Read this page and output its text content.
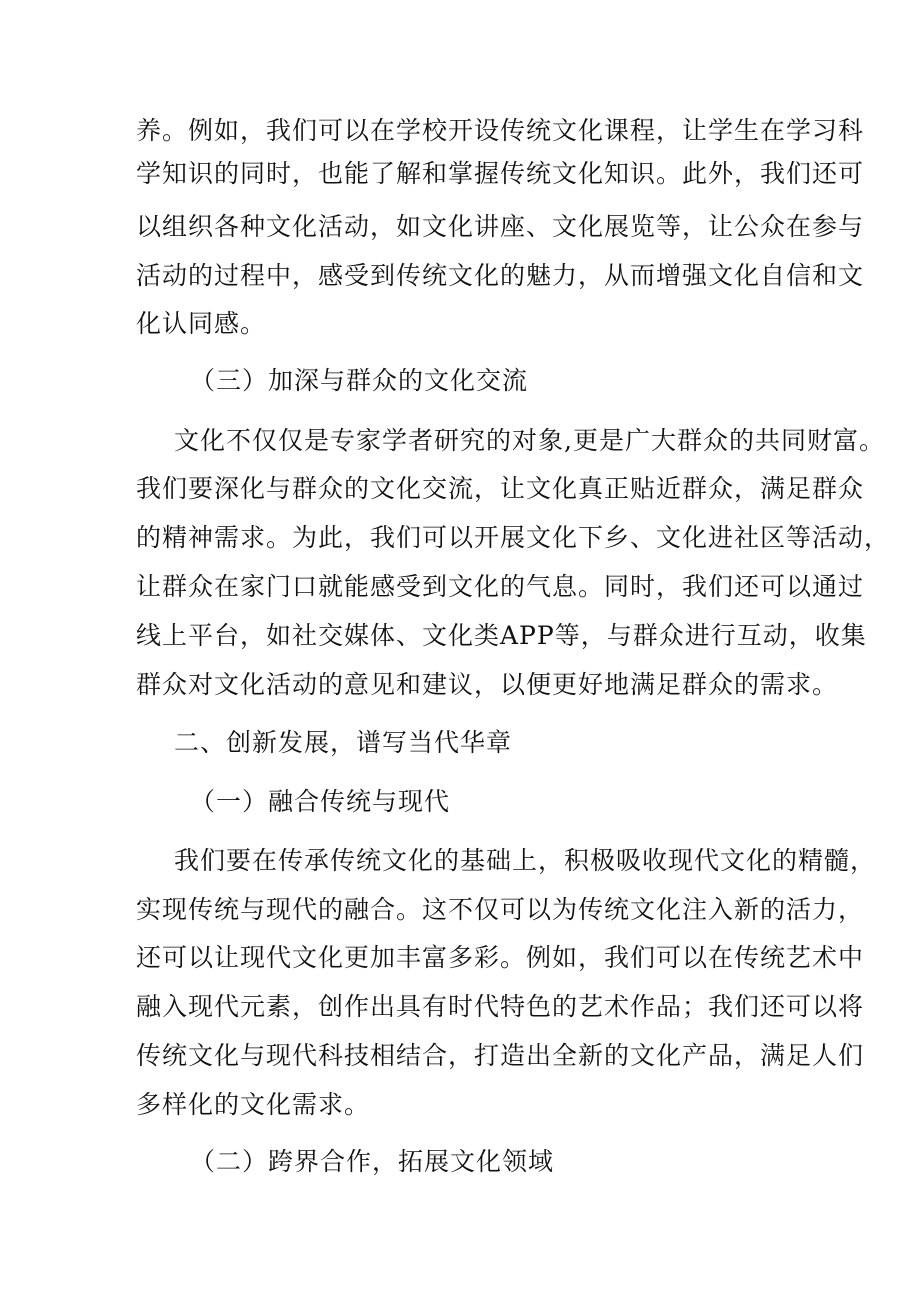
养。例如，我们可以在学校开设传统文化课程，让学生在学习科
学知识的同时，也能了解和掌握传统文化知识。此外，我们还可
以组织各种文化活动，如文化讲座、文化展览等，让公众在参与
活动的过程中，感受到传统文化的魅力，从而增强文化自信和文
化认同感。
（三）加深与群众的文化交流
文化不仅仅是专家学者研究的对象,更是广大群众的共同财富。
我们要深化与群众的文化交流，让文化真正贴近群众，满足群众
的精神需求。为此，我们可以开展文化下乡、文化进社区等活动，
让群众在家门口就能感受到文化的气息。同时，我们还可以通过
线上平台，如社交媒体、文化类APP等，与群众进行互动，收集
群众对文化活动的意见和建议，以便更好地满足群众的需求。
二、创新发展，谱写当代华章
（一）融合传统与现代
我们要在传承传统文化的基础上，积极吸收现代文化的精髓，
实现传统与现代的融合。这不仅可以为传统文化注入新的活力，
还可以让现代文化更加丰富多彩。例如，我们可以在传统艺术中
融入现代元素，创作出具有时代特色的艺术作品；我们还可以将
传统文化与现代科技相结合，打造出全新的文化产品，满足人们
多样化的文化需求。
（二）跨界合作，拓展文化领域
